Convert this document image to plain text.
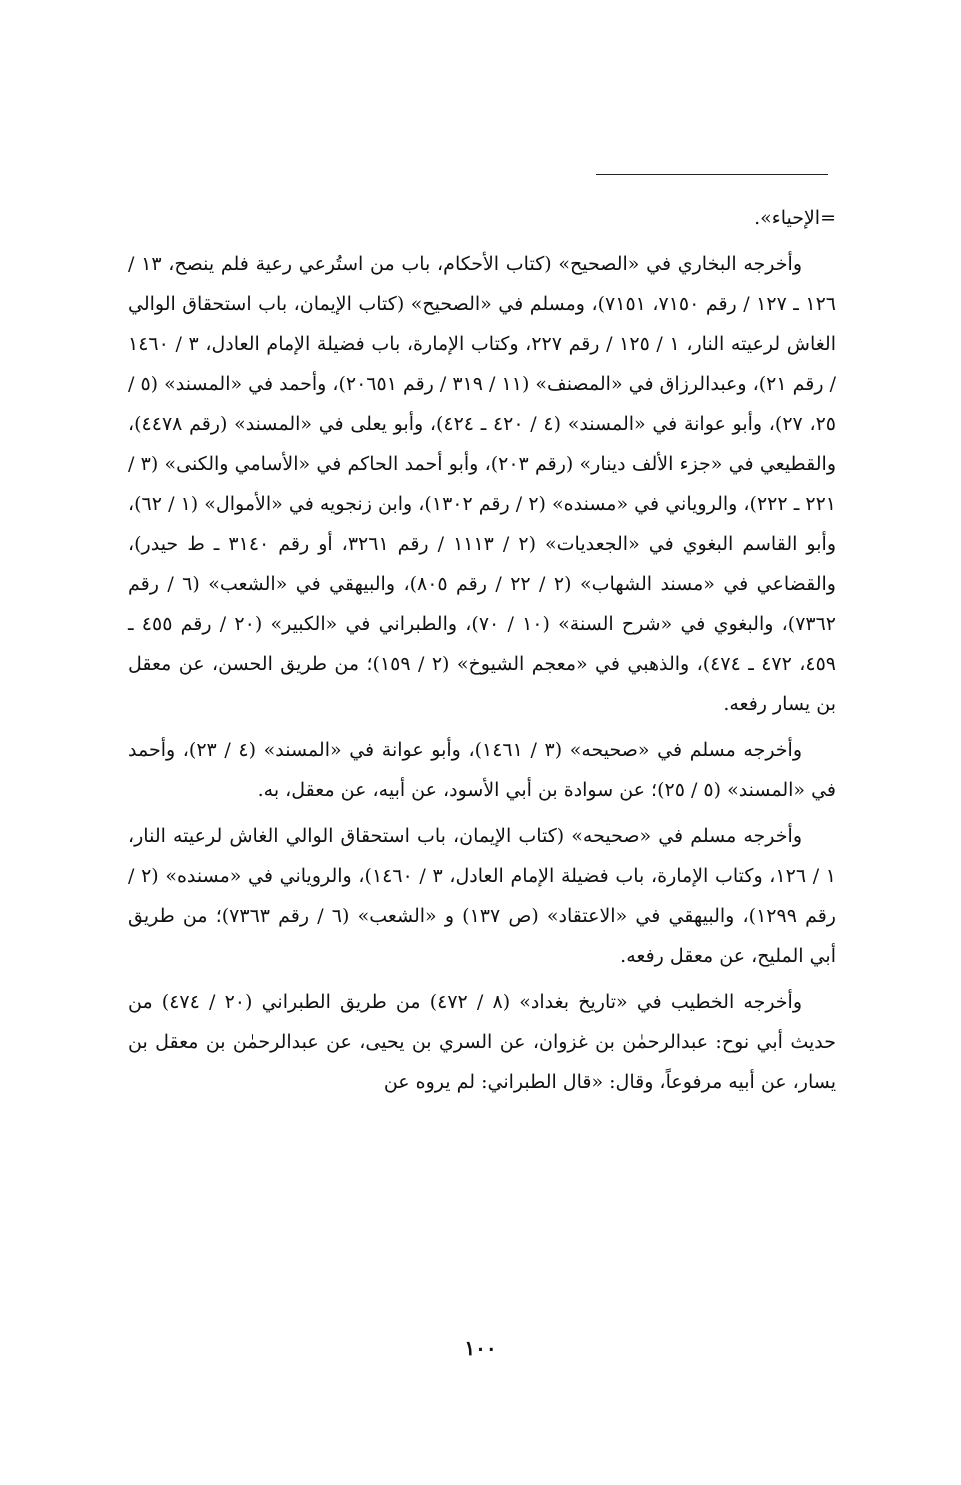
=الإحياء».

وأخرجه البخاري في «الصحيح» (كتاب الأحكام، باب من استُرعي رعية فلم ينصح، ١٣ / ١٢٦ ـ ١٢٧ / رقم ٧١٥٠، ٧١٥١)، ومسلم في «الصحيح» (كتاب الإيمان، باب استحقاق الوالي الغاش لرعيته النار، ١ / ١٢٥ / رقم ٢٢٧، وكتاب الإمارة، باب فضيلة الإمام العادل، ٣ / ١٤٦٠ / رقم ٢١)، وعبدالرزاق في «المصنف» (١١ / ٣١٩ / رقم ٢٠٦٥١)، وأحمد في «المسند» (٥ / ٢٥، ٢٧)، وأبو عوانة في «المسند» (٤ / ٤٢٠ ـ ٤٢٤)، وأبو يعلى في «المسند» (رقم ٤٤٧٨)، والقطيعي في «جزء الألف دينار» (رقم ٢٠٣)، وأبو أحمد الحاكم في «الأسامي والكنى» (٣ / ٢٢١ ـ ٢٢٢)، والروياني في «مسنده» (٢ / رقم ١٣٠٢)، وابن زنجويه في «الأموال» (١ / ٦٢)، وأبو القاسم البغوي في «الجعديات» (٢ / ١١١٣ / رقم ٣٢٦١، أو رقم ٣١٤٠ ـ ط حيدر)، والقضاعي في «مسند الشهاب» (٢ / ٢٢ / رقم ٨٠٥)، والبيهقي في «الشعب» (٦ / رقم ٧٣٦٢)، والبغوي في «شرح السنة» (١٠ / ٧٠)، والطبراني في «الكبير» (٢٠ / رقم ٤٥٥ ـ ٤٥٩، ٤٧٢ ـ ٤٧٤)، والذهبي في «معجم الشيوخ» (٢ / ١٥٩)؛ من طريق الحسن، عن معقل بن يسار رفعه.

وأخرجه مسلم في «صحيحه» (٣ / ١٤٦١)، وأبو عوانة في «المسند» (٤ / ٢٣)، وأحمد في «المسند» (٥ / ٢٥)؛ عن سوادة بن أبي الأسود، عن أبيه، عن معقل، به.

وأخرجه مسلم في «صحيحه» (كتاب الإيمان، باب استحقاق الوالي الغاش لرعيته النار، ١ / ١٢٦، وكتاب الإمارة، باب فضيلة الإمام العادل، ٣ / ١٤٦٠)، والروياني في «مسنده» (٢ / رقم ١٢٩٩)، والبيهقي في «الاعتقاد» (ص ١٣٧) و «الشعب» (٦ / رقم ٧٣٦٣)؛ من طريق أبي المليح، عن معقل رفعه.

وأخرجه الخطيب في «تاريخ بغداد» (٨ / ٤٧٢) من طريق الطبراني (٢٠ / ٤٧٤) من حديث أبي نوح: عبدالرحمٰن بن غزوان، عن السري بن يحيى، عن عبدالرحمٰن بن معقل بن يسار، عن أبيه مرفوعاً، وقال: «قال الطبراني: لم يروه عن

١٠٠
